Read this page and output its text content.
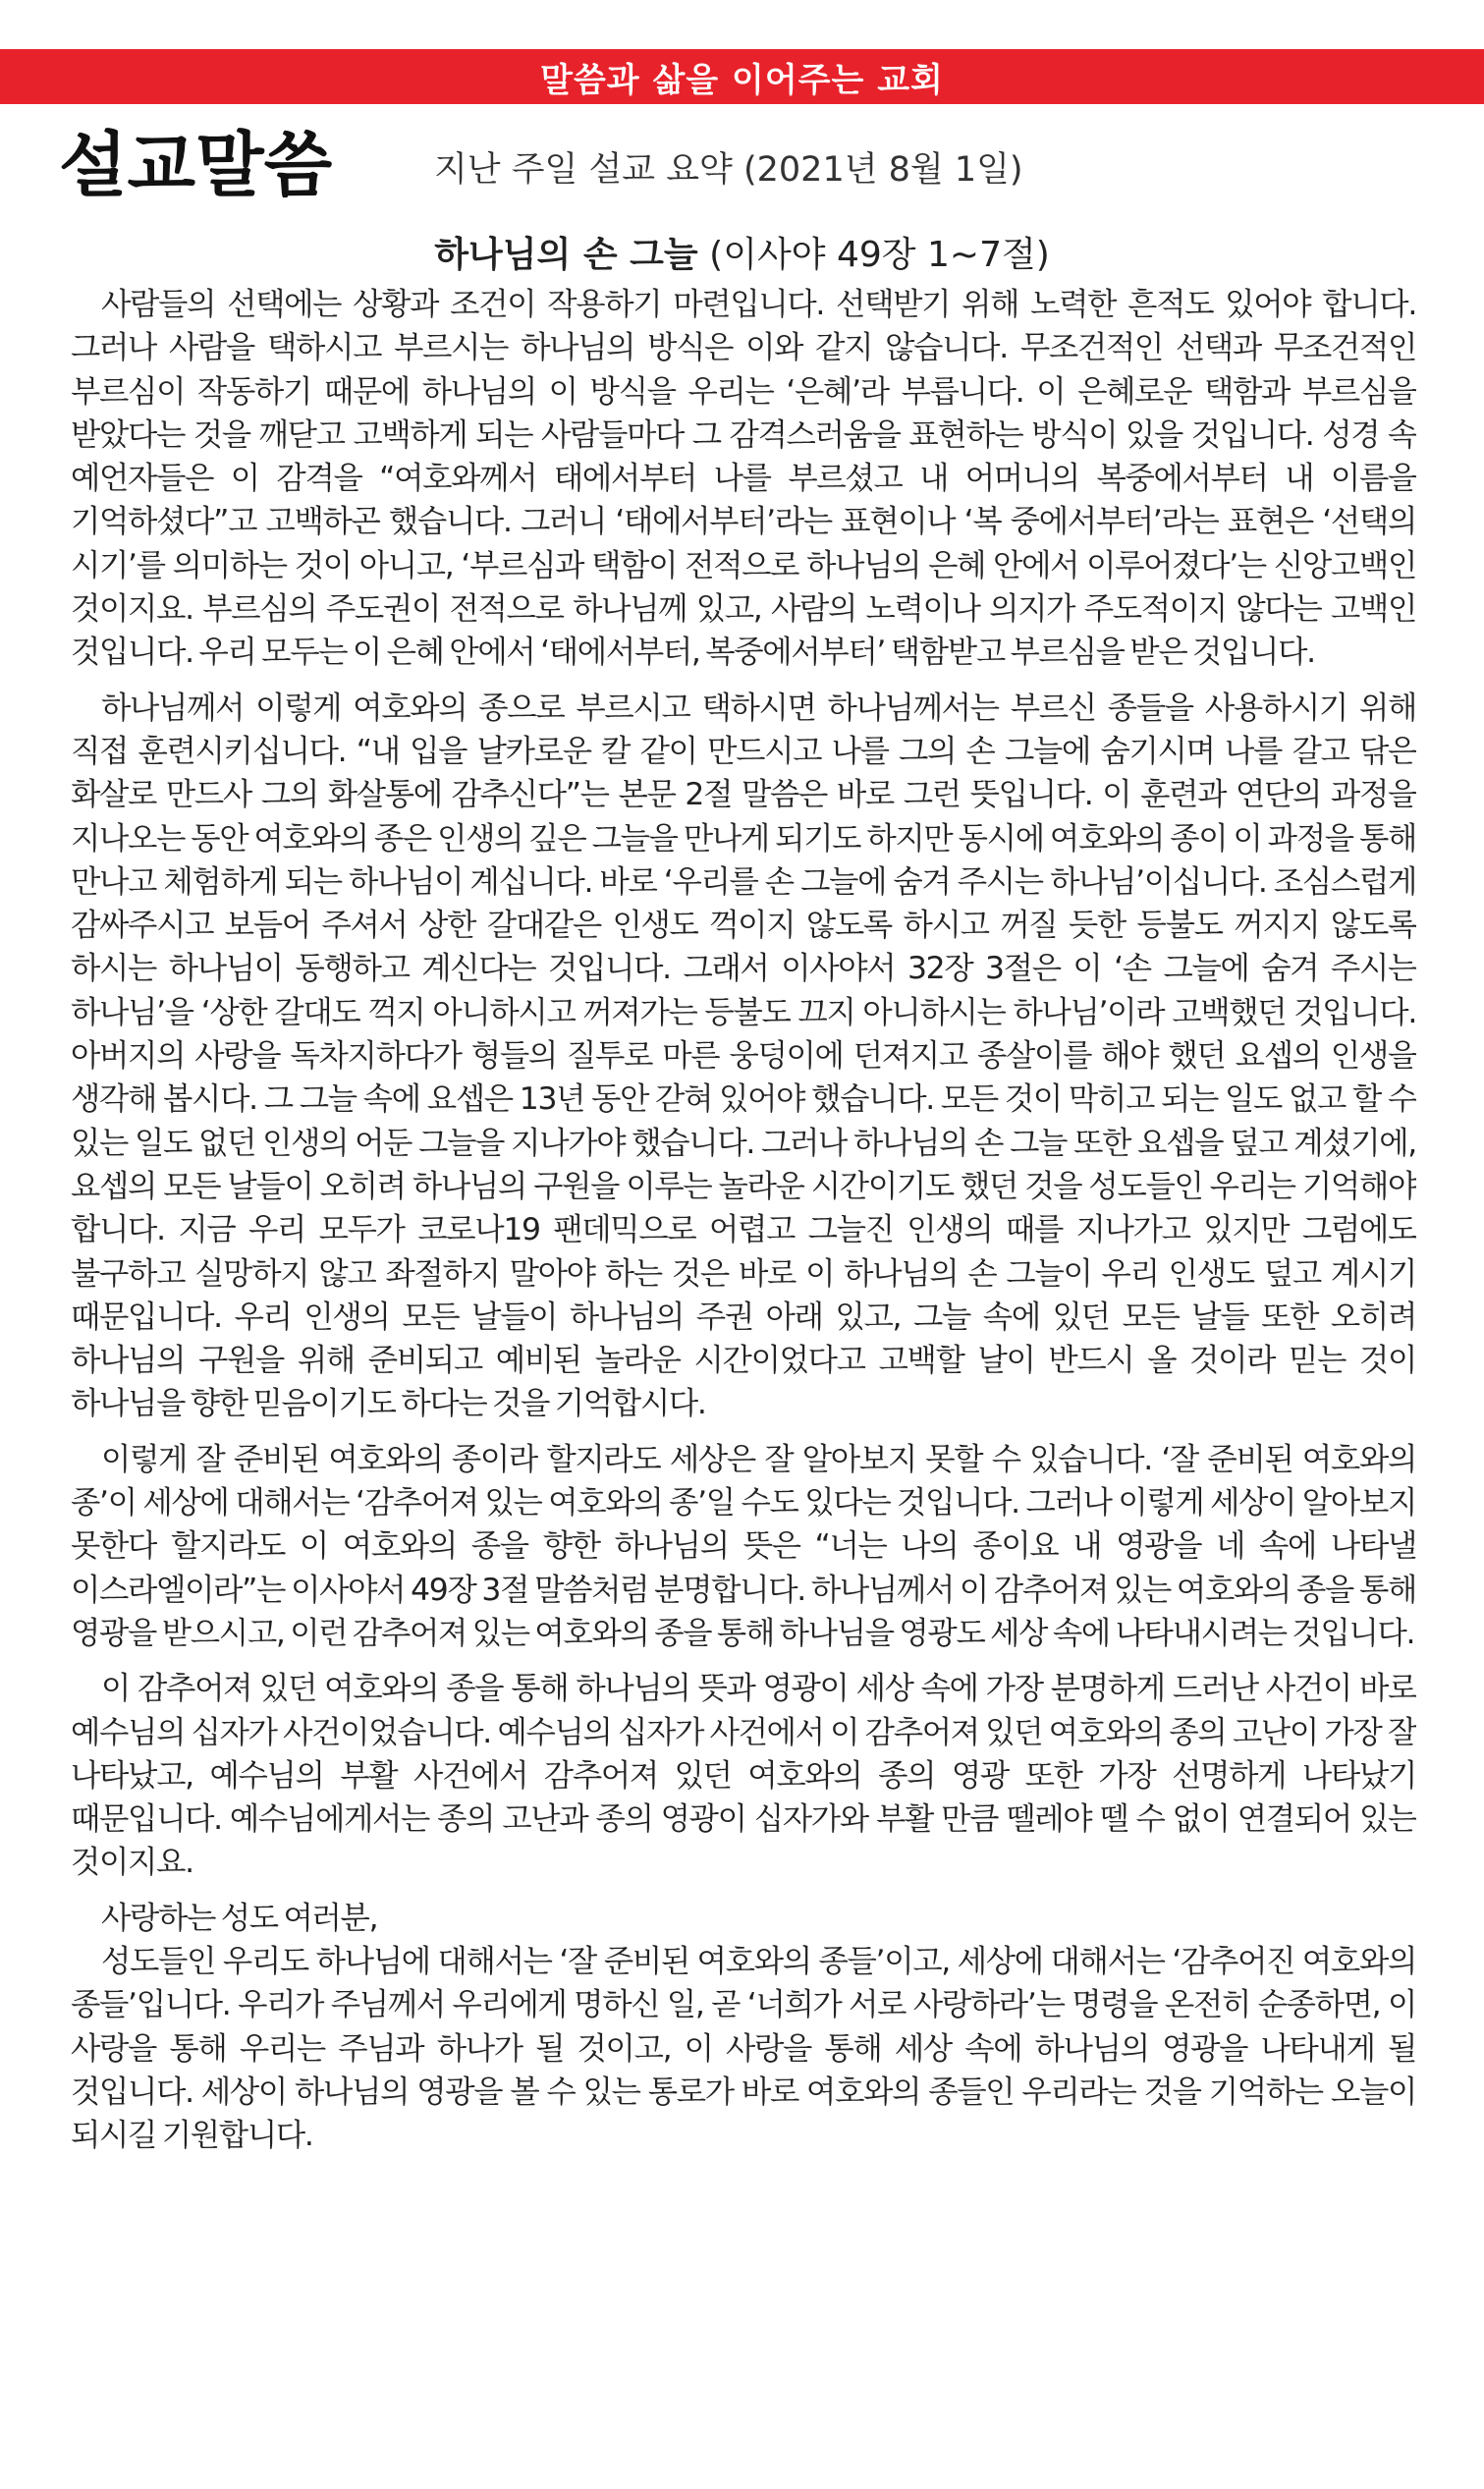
말씀과 삶을 이어주는 교회
설교말씀	지난 주일 설교 요약 (2021년 8월 1일)
하나님의 손 그늘 (이사야 49장 1~7절)

사람들의 선택에는 상황과 조건이 작용하기 마련입니다. 선택받기 위해 노력한 흔적도 있어야 합니다. 그러나 사람을 택하시고 부르시는 하나님의 방식은 이와 같지 않습니다. 무조건적인 선택과 무조건적인 부르심이 작동하기 때문에 하나님의 이 방식을 우리는 ‘은혜’라 부릅니다. 이 은혜로운 택함과 부르심을 받았다는 것을 깨닫고 고백하게 되는 사람들마다 그 감격스러움을 표현하는 방식이 있을 것입니다. 성경 속 예언자들은 이 감격을 “여호와께서 태에서부터 나를 부르셨고 내 어머니의 복중에서부터 내 이름을 기억하셨다”고 고백하곤 했습니다. 그러니 ‘태에서부터’라는 표현이나 ‘복 중에서부터’라는 표현은 ‘선택의 시기’를 의미하는 것이 아니고, ‘부르심과 택함이 전적으로 하나님의 은혜 안에서 이루어졌다’는 신앙고백인 것이지요. 부르심의 주도권이 전적으로 하나님께 있고, 사람의 노력이나 의지가 주도적이지 않다는 고백인 것입니다. 우리 모두는 이 은혜 안에서 ‘태에서부터, 복중에서부터’ 택함받고 부르심을 받은 것입니다.

하나님께서 이렇게 여호와의 종으로 부르시고 택하시면 하나님께서는 부르신 종들을 사용하시기 위해 직접 훈련시키십니다. “내 입을 날카로운 칼 같이 만드시고 나를 그의 손 그늘에 숨기시며 나를 갈고 닦은 화살로 만드사 그의 화살통에 감추신다”는 본문 2절 말씀은 바로 그런 뜻입니다. 이 훈련과 연단의 과정을 지나오는 동안 여호와의 종은 인생의 깊은 그늘을 만나게 되기도 하지만 동시에 여호와의 종이 이 과정을 통해 만나고 체험하게 되는 하나님이 계십니다. 바로 ‘우리를 손 그늘에 숨겨 주시는 하나님’이십니다. 조심스럽게 감싸주시고 보듬어 주셔서 상한 갈대같은 인생도 꺽이지 않도록 하시고 꺼질 듯한 등불도 꺼지지 않도록 하시는 하나님이 동행하고 계신다는 것입니다. 그래서 이사야서 32장 3절은 이 ‘손 그늘에 숨겨 주시는 하나님’을 ‘상한 갈대도 꺽지 아니하시고 꺼져가는 등불도 끄지 아니하시는 하나님’이라 고백했던 것입니다. 아버지의 사랑을 독차지하다가 형들의 질투로 마른 웅덩이에 던져지고 종살이를 해야 했던 요셉의 인생을 생각해 봅시다. 그 그늘 속에 요셉은 13년 동안 갇혀 있어야 했습니다. 모든 것이 막히고 되는 일도 없고 할 수 있는 일도 없던 인생의 어둔 그늘을 지나가야 했습니다. 그러나 하나님의 손 그늘 또한 요셉을 덮고 계셨기에, 요셉의 모든 날들이 오히려 하나님의 구원을 이루는 놀라운 시간이기도 했던 것을 성도들인 우리는 기억해야 합니다. 지금 우리 모두가 코로나19 팬데믹으로 어렵고 그늘진 인생의 때를 지나가고 있지만 그럼에도 불구하고 실망하지 않고 좌절하지 말아야 하는 것은 바로 이 하나님의 손 그늘이 우리 인생도 덮고 계시기 때문입니다. 우리 인생의 모든 날들이 하나님의 주권 아래 있고, 그늘 속에 있던 모든 날들 또한 오히려 하나님의 구원을 위해 준비되고 예비된 놀라운 시간이었다고 고백할 날이 반드시 올 것이라 믿는 것이 하나님을 향한 믿음이기도 하다는 것을 기억합시다.

이렇게 잘 준비된 여호와의 종이라 할지라도 세상은 잘 알아보지 못할 수 있습니다. ‘잘 준비된 여호와의 종’이 세상에 대해서는 ‘감추어져 있는 여호와의 종’일 수도 있다는 것입니다. 그러나 이렇게 세상이 알아보지 못한다 할지라도 이 여호와의 종을 향한 하나님의 뜻은 “너는 나의 종이요 내 영광을 네 속에 나타낼 이스라엘이라”는 이사야서 49장 3절 말씀처럼 분명합니다. 하나님께서 이 감추어져 있는 여호와의 종을 통해 영광을 받으시고, 이런 감추어져 있는 여호와의 종을 통해 하나님을 영광도 세상 속에 나타내시려는 것입니다.

이 감추어져 있던 여호와의 종을 통해 하나님의 뜻과 영광이 세상 속에 가장 분명하게 드러난 사건이 바로 예수님의 십자가 사건이었습니다. 예수님의 십자가 사건에서 이 감추어져 있던 여호와의 종의 고난이 가장 잘 나타났고, 예수님의 부활 사건에서 감추어져 있던 여호와의 종의 영광 또한 가장 선명하게 나타났기 때문입니다. 예수님에게서는 종의 고난과 종의 영광이 십자가와 부활 만큼 뗄레야 뗄 수 없이 연결되어 있는 것이지요.

사랑하는 성도 여러분,

성도들인 우리도 하나님에 대해서는 ‘잘 준비된 여호와의 종들’이고, 세상에 대해서는 ‘감추어진 여호와의 종들’입니다. 우리가 주님께서 우리에게 명하신 일, 곧 ‘너희가 서로 사랑하라’는 명령을 온전히 순종하면, 이 사랑을 통해 우리는 주님과 하나가 될 것이고, 이 사랑을 통해 세상 속에 하나님의 영광을 나타내게 될 것입니다. 세상이 하나님의 영광을 볼 수 있는 통로가 바로 여호와의 종들인 우리라는 것을 기억하는 오늘이 되시길 기원합니다.
